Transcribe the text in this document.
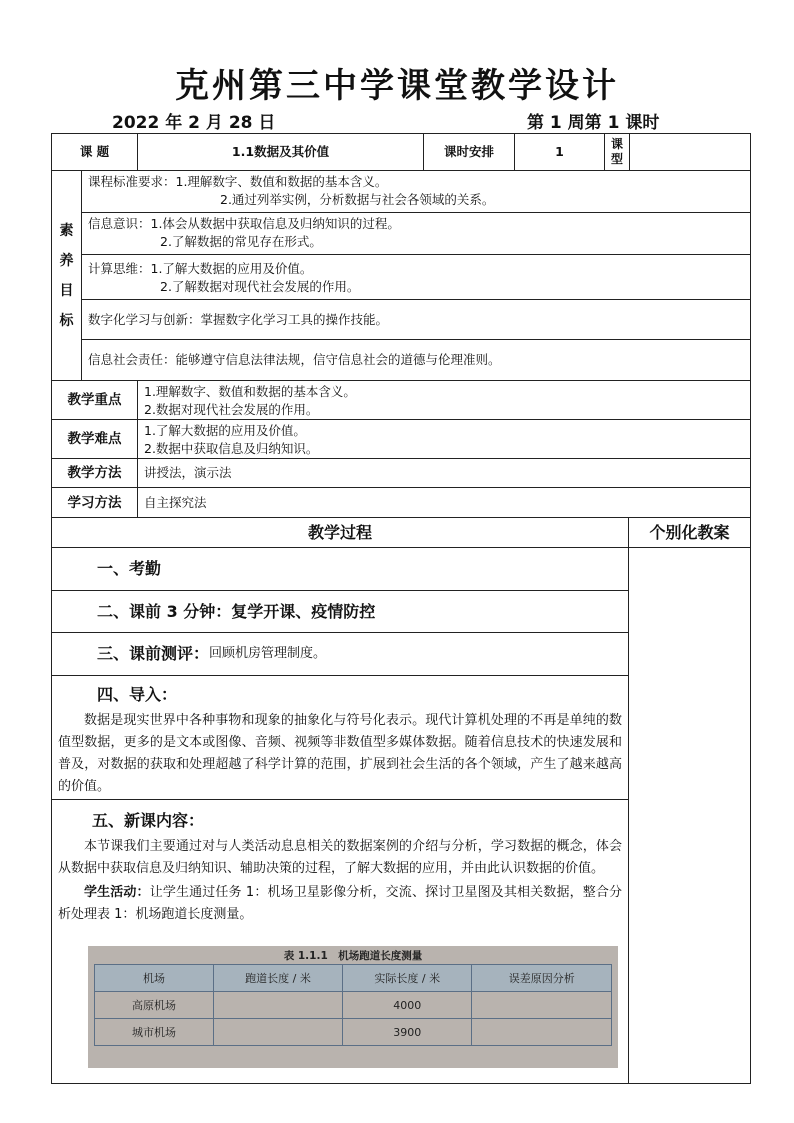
克州第三中学课堂教学设计
2022 年 2 月 28 日	第 1 周第 1 课时
课 题	1.1数据及其价值	课时安排	1	课型
素
养
目
标
课程标准要求：1.理解数字、数值和数据的基本含义。
2.通过列举实例，分析数据与社会各领域的关系。
信息意识：1.体会从数据中获取信息及归纳知识的过程。
2.了解数据的常见存在形式。
计算思维：1.了解大数据的应用及价值。
2.了解数据对现代社会发展的作用。
数字化学习与创新：掌握数字化学习工具的操作技能。
信息社会责任：能够遵守信息法律法规，信守信息社会的道德与伦理准则。
教学重点
1.理解数字、数值和数据的基本含义。
2.数据对现代社会发展的作用。
教学难点
1.了解大数据的应用及价值。
2.数据中获取信息及归纳知识。
教学方法	讲授法，演示法
学习方法	自主探究法
教学过程	个别化教案
一、考勤
二、课前 3 分钟：复学开课、疫情防控
三、课前测评： 回顾机房管理制度。
四、导入：
数据是现实世界中各种事物和现象的抽象化与符号化表示。现代计算机处理的不再是单纯的数值型数据，更多的是文本或图像、音频、视频等非数值型多媒体数据。随着信息技术的快速发展和普及，对数据的获取和处理超越了科学计算的范围，扩展到社会生活的各个领域，产生了越来越高的价值。
五、新课内容：
本节课我们主要通过对与人类活动息息相关的数据案例的介绍与分析，学习数据的概念，体会从数据中获取信息及归纳知识、辅助决策的过程，了解大数据的应用，并由此认识数据的价值。
学生活动：让学生通过任务 1：机场卫星影像分析，交流、探讨卫星图及其相关数据，整合分析处理表 1：机场跑道长度测量。
表 1.1.1　机场跑道长度测量
机场	跑道长度 / 米	实际长度 / 米	误差原因分析
高原机场		4000	
城市机场		3900	
